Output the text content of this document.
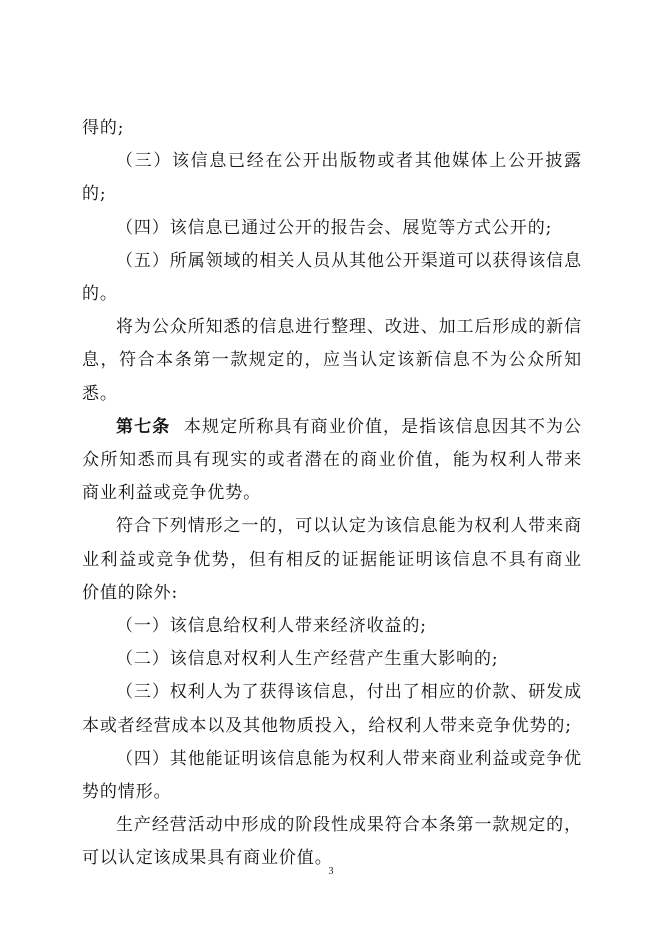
得的;

（三）该信息已经在公开出版物或者其他媒体上公开披露的;

（四）该信息已通过公开的报告会、展览等方式公开的;

（五）所属领域的相关人员从其他公开渠道可以获得该信息的。

将为公众所知悉的信息进行整理、改进、加工后形成的新信息，符合本条第一款规定的，应当认定该新信息不为公众所知悉。

第七条 本规定所称具有商业价值，是指该信息因其不为公众所知悉而具有现实的或者潜在的商业价值，能为权利人带来商业利益或竞争优势。

符合下列情形之一的，可以认定为该信息能为权利人带来商业利益或竞争优势，但有相反的证据能证明该信息不具有商业价值的除外:

（一）该信息给权利人带来经济收益的;

（二）该信息对权利人生产经营产生重大影响的;

（三）权利人为了获得该信息，付出了相应的价款、研发成本或者经营成本以及其他物质投入，给权利人带来竞争优势的;

（四）其他能证明该信息能为权利人带来商业利益或竞争优势的情形。

生产经营活动中形成的阶段性成果符合本条第一款规定的，可以认定该成果具有商业价值。

3
